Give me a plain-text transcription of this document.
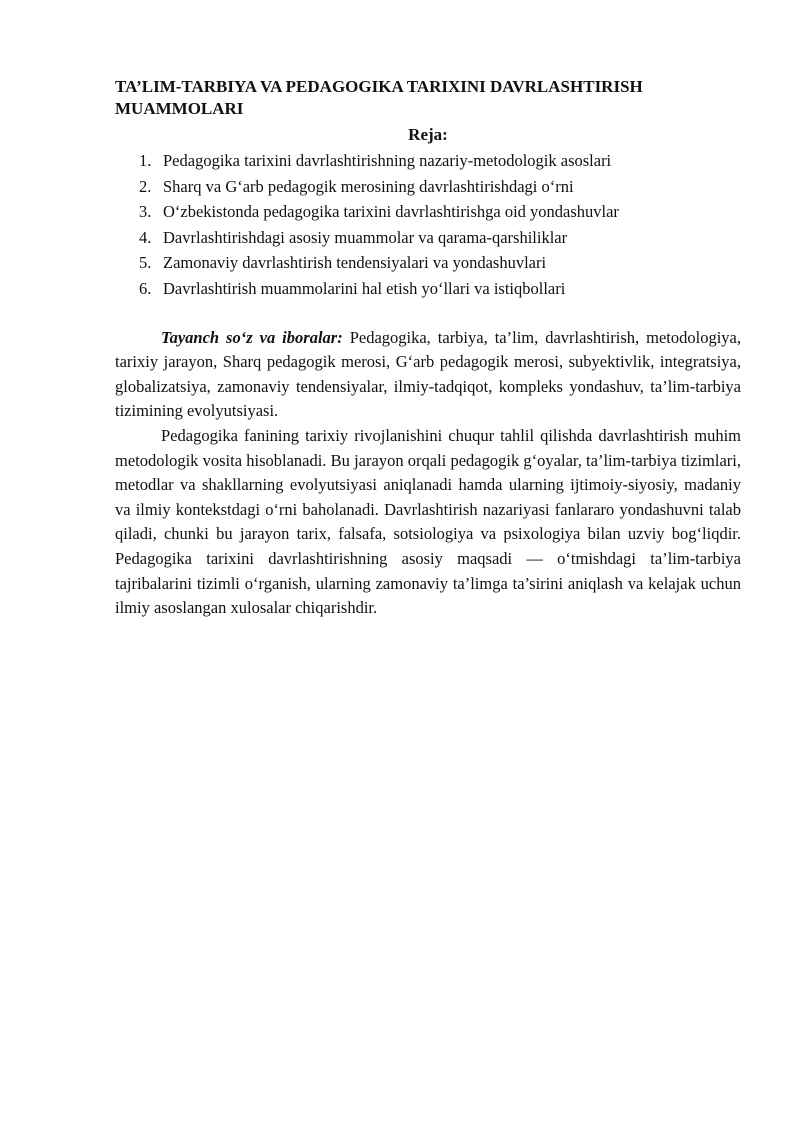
TA’LIM-TARBIYA VA PEDAGOGIKA TARIXINI DAVRLASHTIRISH MUAMMOLARI
Reja:
1. Pedagogika tarixini davrlashtirishning nazariy-metodologik asoslari
2. Sharq va G‘arb pedagogik merosining davrlashtirishdagi o‘rni
3. O‘zbekistonda pedagogika tarixini davrlashtirishga oid yondashuvlar
4. Davrlashtirishdagi asosiy muammolar va qarama-qarshiliklar
5. Zamonaviy davrlashtirish tendensiyalari va yondashuvlari
6. Davrlashtirish muammolarini hal etish yo‘llari va istiqbollari

Tayanch so‘z va iboralar: Pedagogika, tarbiya, ta’lim, davrlashtirish, metodologiya, tarixiy jarayon, Sharq pedagogik merosi, G‘arb pedagogik merosi, subyektivlik, integratsiya, globalizatsiya, zamonaviy tendensiyalar, ilmiy-tadqiqot, kompleks yondashuv, ta’lim-tarbiya tizimining evolyutsiyasi.

Pedagogika fanining tarixiy rivojlanishini chuqur tahlil qilishda davrlashtirish muhim metodologik vosita hisoblanadi. Bu jarayon orqali pedagogik g‘oyalar, ta’lim-tarbiya tizimlari, metodlar va shakllarning evolyutsiyasi aniqlanadi hamda ularning ijtimoiy-siyosiy, madaniy va ilmiy kontekstdagi o‘rni baholanadi. Davrlashtirish nazariyasi fanlararo yondashuvni talab qiladi, chunki bu jarayon tarix, falsafa, sotsiologiya va psixologiya bilan uzviy bog‘liqdir. Pedagogika tarixini davrlashtirishning asosiy maqsadi — o‘tmishdagi ta’lim-tarbiya tajribalarini tizimli o‘rganish, ularning zamonaviy ta’limga ta’sirini aniqlash va kelajak uchun ilmiy asoslangan xulosalar chiqarishdir.
